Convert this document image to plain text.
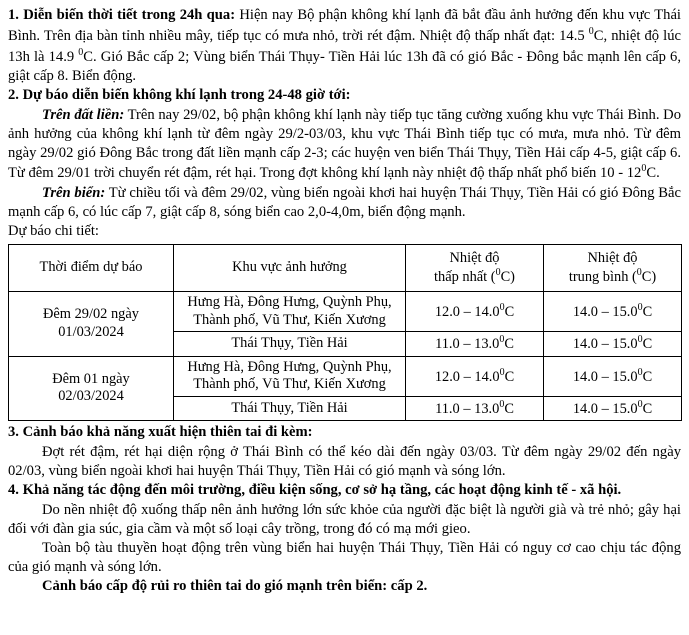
1. Diễn biến thời tiết trong 24h qua: Hiện nay Bộ phận không khí lạnh đã bắt đầu ảnh hưởng đến khu vực Thái Bình. Trên địa bàn tỉnh nhiều mây, tiếp tục có mưa nhỏ, trời rét đậm. Nhiệt độ thấp nhất đạt: 14.5 $^0$C, nhiệt độ lúc 13h là 14.9 $^0$C. Gió Bắc cấp 2; Vùng biển Thái Thụy- Tiền Hải lúc 13h đã có gió Bắc - Đông bắc mạnh lên cấp 6, giật cấp 8. Biển động.

2. Dự báo diễn biến không khí lạnh trong 24-48 giờ tới:

Trên đất liền: Trên nay 29/02, bộ phận không khí lạnh này tiếp tục tăng cường xuống khu vực Thái Bình. Do ảnh hưởng của không khí lạnh từ đêm ngày 29/2-03/03, khu vực Thái Bình tiếp tục có mưa, mưa nhỏ. Từ đêm ngày 29/02 gió Đông Bắc trong đất liền mạnh cấp 2-3; các huyện ven biển Thái Thụy, Tiền Hải cấp 4-5, giật cấp 6. Từ đêm 29/01 trời chuyển rét đậm, rét hại. Trong đợt không khí lạnh này nhiệt độ thấp nhất phổ biến $10 - 12^0C$.

Trên biển: Từ chiều tối và đêm 29/02, vùng biển ngoài khơi hai huyện Thái Thụy, Tiền Hải có gió Đông Bắc mạnh cấp 6, có lúc cấp 7, giật cấp 8, sóng biển cao 2,0-4,0m, biển động mạnh.

Dự báo chi tiết:

Thời điểm dự báo	Khu vực ảnh hưởng	Nhiệt độ
thấp nhất ($^0$C)	Nhiệt độ
trung bình ($^0$C)
Đêm 29/02 ngày
01/03/2024	Hưng Hà, Đông Hưng, Quỳnh Phụ,
Thành phố, Vũ Thư, Kiến Xương	12.0 – 14.0$^0$C	14.0 – 15.0$^0$C
	Thái Thụy, Tiền Hải	11.0 – 13.0$^0$C	14.0 – 15.0$^0$C
Đêm 01 ngày
02/03/2024	Hưng Hà, Đông Hưng, Quỳnh Phụ,
Thành phố, Vũ Thư, Kiến Xương	12.0 – 14.0$^0$C	14.0 – 15.0$^0$C
	Thái Thụy, Tiền Hải	11.0 – 13.0$^0$C	14.0 – 15.0$^0$C

3. Cảnh báo khả năng xuất hiện thiên tai đi kèm:

Đợt rét đậm, rét hại diện rộng ở Thái Bình có thể kéo dài đến ngày 03/03. Từ đêm ngày 29/02 đến ngày 02/03, vùng biển ngoài khơi hai huyện Thái Thụy, Tiền Hải có gió mạnh và sóng lớn.

4. Khả năng tác động đến môi trường, điều kiện sống, cơ sở hạ tầng, các hoạt động kinh tế - xã hội.

Do nền nhiệt độ xuống thấp nên ảnh hưởng lớn sức khỏe của người đặc biệt là người già và trẻ nhỏ; gây hại đối với đàn gia súc, gia cầm và một số loại cây trồng, trong đó có mạ mới gieo.

Toàn bộ tàu thuyền hoạt động trên vùng biển hai huyện Thái Thụy, Tiền Hải có nguy cơ cao chịu tác động của gió mạnh và sóng lớn.

Cảnh báo cấp độ rủi ro thiên tai do gió mạnh trên biển: cấp 2.
